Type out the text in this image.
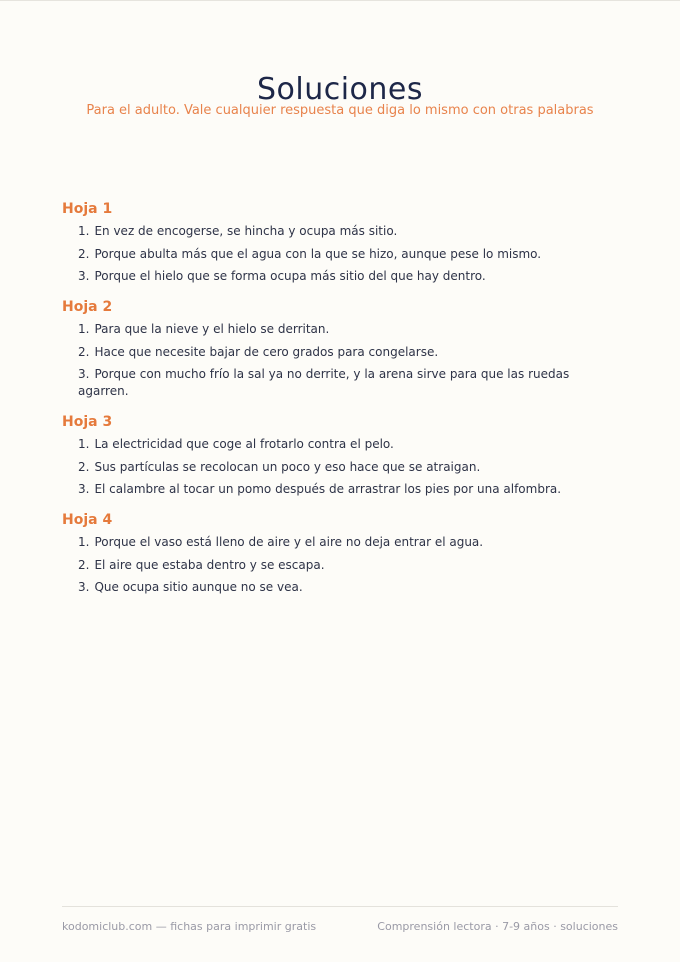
Soluciones
Para el adulto. Vale cualquier respuesta que diga lo mismo con otras palabras
Hoja 1
1. En vez de encogerse, se hincha y ocupa más sitio.
2. Porque abulta más que el agua con la que se hizo, aunque pese lo mismo.
3. Porque el hielo que se forma ocupa más sitio del que hay dentro.
Hoja 2
1. Para que la nieve y el hielo se derritan.
2. Hace que necesite bajar de cero grados para congelarse.
3. Porque con mucho frío la sal ya no derrite, y la arena sirve para que las ruedas agarren.
Hoja 3
1. La electricidad que coge al frotarlo contra el pelo.
2. Sus partículas se recolocan un poco y eso hace que se atraigan.
3. El calambre al tocar un pomo después de arrastrar los pies por una alfombra.
Hoja 4
1. Porque el vaso está lleno de aire y el aire no deja entrar el agua.
2. El aire que estaba dentro y se escapa.
3. Que ocupa sitio aunque no se vea.
kodomiclub.com — fichas para imprimir gratis	Comprensión lectora · 7-9 años · soluciones
